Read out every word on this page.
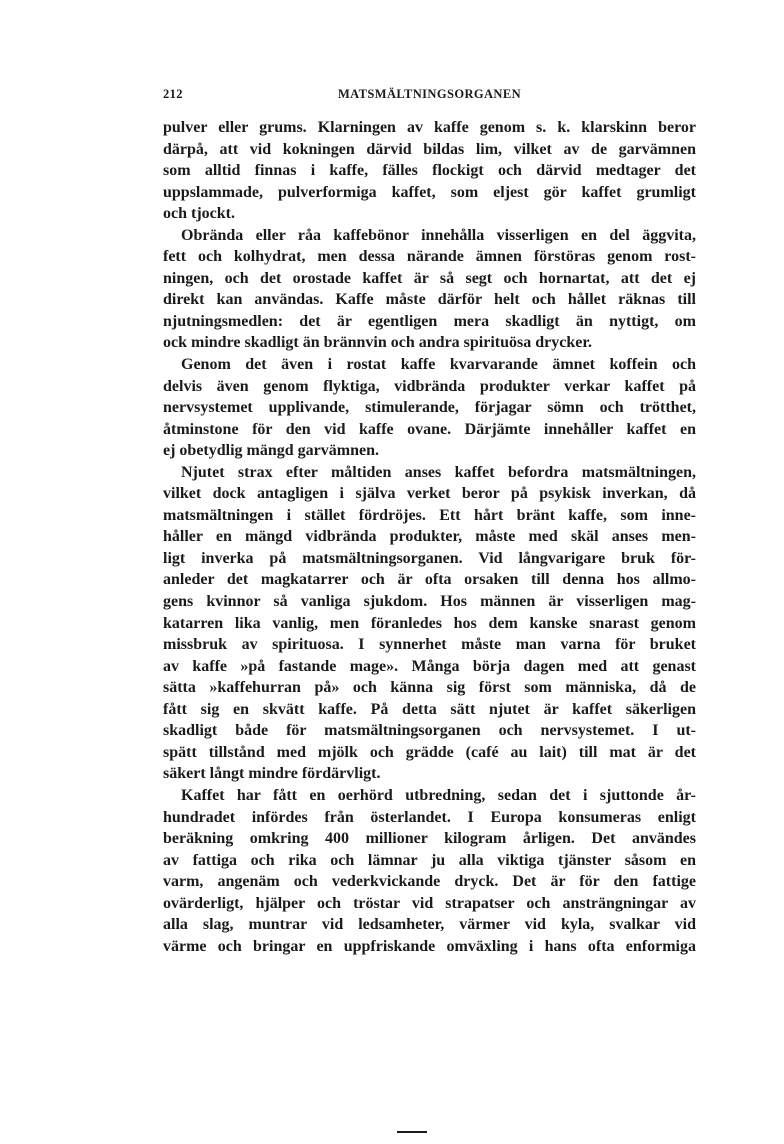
212	MATSMÄLTNINGSORGANEN
pulver eller grums. Klarningen av kaffe genom s. k. klarskinn beror
därpå, att vid kokningen därvid bildas lim, vilket av de garvämnen
som alltid finnas i kaffe, fälles flockigt och därvid medtager det
uppslammade, pulverformiga kaffet, som eljest gör kaffet grumligt
och tjockt.
Obrända eller råa kaffebönor innehålla visserligen en del äggvita,
fett och kolhydrat, men dessa närande ämnen förstöras genom rost-
ningen, och det orostade kaffet är så segt och hornartat, att det ej
direkt kan användas. Kaffe måste därför helt och hållet räknas till
njutningsmedlen: det är egentligen mera skadligt än nyttigt, om
ock mindre skadligt än brännvin och andra spirituösa drycker.
Genom det även i rostat kaffe kvarvarande ämnet koffein och
delvis även genom flyktiga, vidbrända produkter verkar kaffet på
nervsystemet upplivande, stimulerande, förjagar sömn och trötthet,
åtminstone för den vid kaffe ovane. Därjämte innehåller kaffet en
ej obetydlig mängd garvämnen.
Njutet strax efter måltiden anses kaffet befordra matsmältningen,
vilket dock antagligen i själva verket beror på psykisk inverkan, då
matsmältningen i stället fördröjes. Ett hårt bränt kaffe, som inne-
håller en mängd vidbrända produkter, måste med skäl anses men-
ligt inverka på matsmältningsorganen. Vid långvarigare bruk för-
anleder det magkatarrer och är ofta orsaken till denna hos allmo-
gens kvinnor så vanliga sjukdom. Hos männen är visserligen mag-
katarren lika vanlig, men föranledes hos dem kanske snarast genom
missbruk av spirituosa. I synnerhet måste man varna för bruket
av kaffe »på fastande mage». Många börja dagen med att genast
sätta »kaffehurran på» och känna sig först som människa, då de
fått sig en skvätt kaffe. På detta sätt njutet är kaffet säkerligen
skadligt både för matsmältningsorganen och nervsystemet. I ut-
spätt tillstånd med mjölk och grädde (café au lait) till mat är det
säkert långt mindre fördärvligt.
Kaffet har fått en oerhörd utbredning, sedan det i sjuttonde år-
hundradet infördes från österlandet. I Europa konsumeras enligt
beräkning omkring 400 millioner kilogram årligen. Det användes
av fattiga och rika och lämnar ju alla viktiga tjänster såsom en
varm, angenäm och vederkvickande dryck. Det är för den fattige
ovärderligt, hjälper och tröstar vid strapatser och ansträngningar av
alla slag, muntrar vid ledsamheter, värmer vid kyla, svalkar vid
värme och bringar en uppfriskande omväxling i hans ofta enformiga
